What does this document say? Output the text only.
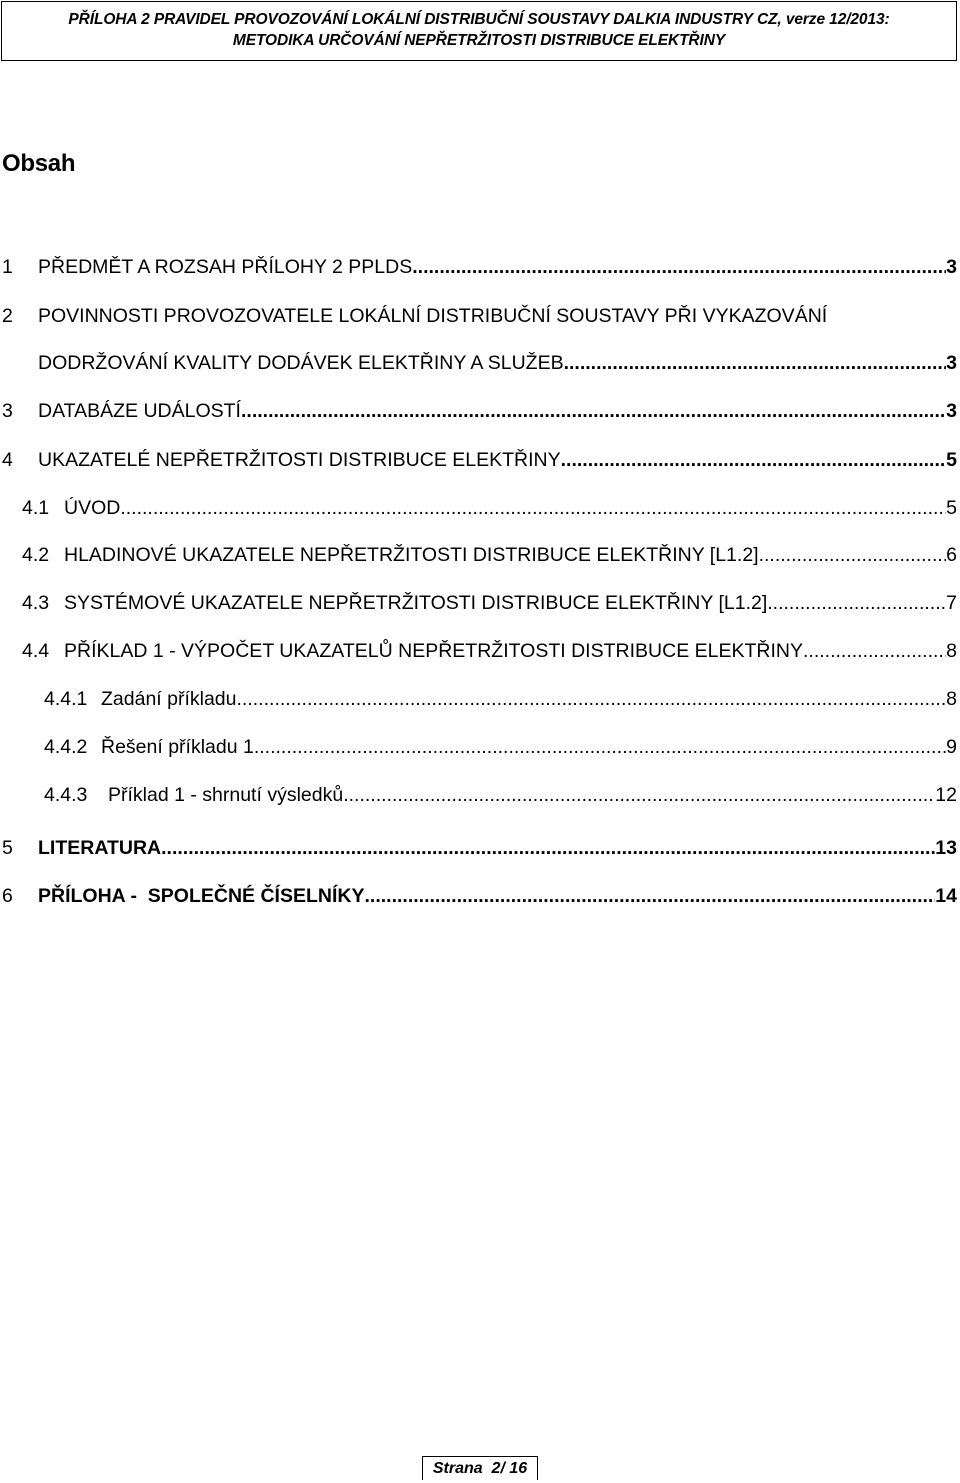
PŘÍLOHA 2 PRAVIDEL PROVOZOVÁNÍ LOKÁLNÍ DISTRIBUČNÍ SOUSTAVY DALKIA INDUSTRY CZ, verze 12/2013:
METODIKA URČOVÁNÍ NEPŘETRŽITOSTI DISTRIBUCE ELEKTŘINY
Obsah
1	PŘEDMĚT A ROZSAH PŘÍLOHY 2 PPLDS .....	3
2	POVINNOSTI PROVOZOVATELE LOKÁLNÍ DISTRIBUČNÍ SOUSTAVY PŘI VYKAZOVÁNÍ
DODRŽOVÁNÍ KVALITY DODÁVEK ELEKTŘINY A SLUŽEB .....	3
3	DATABÁZE UDÁLOSTÍ .....	3
4	UKAZATELÉ NEPŘETRŽITOSTI DISTRIBUCE ELEKTŘINY .....	5
4.1 ÚVOD .....	5
4.2 HLADINOVÉ UKAZATELE NEPŘETRŽITOSTI DISTRIBUCE ELEKTŘINY [L1.2] .....	6
4.3 SYSTÉMOVÉ UKAZATELE NEPŘETRŽITOSTI DISTRIBUCE ELEKTŘINY [L1.2] .....	7
4.4 PŘÍKLAD 1 - VÝPOČET UKAZATELŮ NEPŘETRŽITOSTI DISTRIBUCE ELEKTŘINY .....	8
4.4.1 Zadání příkladu .....	8
4.4.2 Řešení příkladu 1 .....	9
4.4.3	Příklad 1 - shrnutí výsledků .....	12
5	LITERATURA .....	13
6	PŘÍLOHA -  SPOLEČNÉ ČÍSELNÍKY .....	14
Strana  2/ 16
